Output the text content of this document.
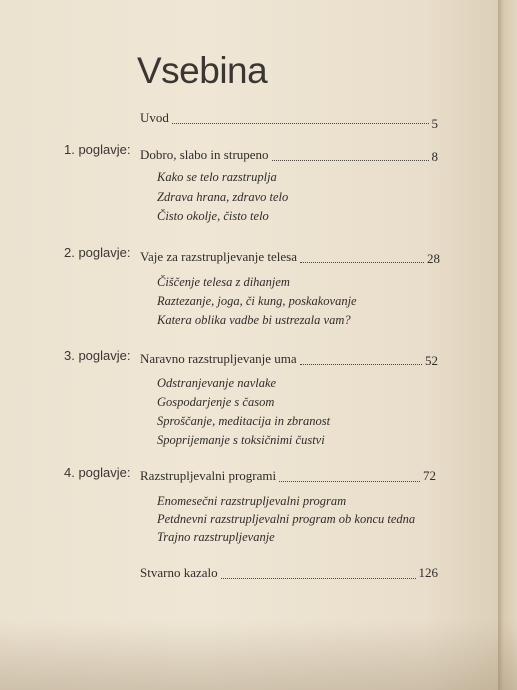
Vsebina
Uvod	5
1. poglavje: Dobro, slabo in strupeno	8
Kako se telo razstruplja
Zdrava hrana, zdravo telo
Čisto okolje, čisto telo
2. poglavje: Vaje za razstrupljevanje telesa	28
Čiščenje telesa z dihanjem
Raztezanje, joga, či kung, poskakovanje
Katera oblika vadbe bi ustrezala vam?
3. poglavje: Naravno razstrupljevanje uma	52
Odstranjevanje navlake
Gospodarjenje s časom
Sproščanje, meditacija in zbranost
Spoprijemanje s toksičnimi čustvi
4. poglavje: Razstrupljevalni programi	72
Enomesečni razstrupljevalni program
Petdnevni razstrupljevalni program ob koncu tedna
Trajno razstrupljevanje
Stvarno kazalo	126
